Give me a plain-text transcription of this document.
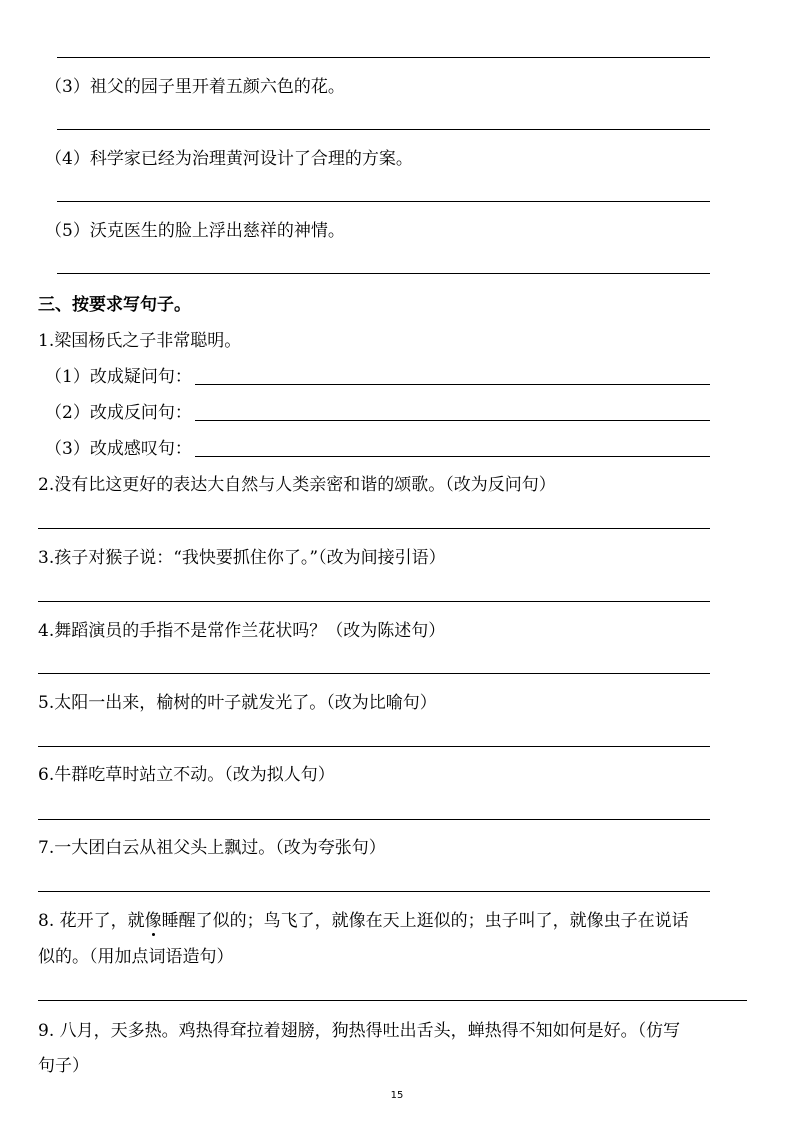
（3）祖父的园子里开着五颜六色的花。
（4）科学家已经为治理黄河设计了合理的方案。
（5）沃克医生的脸上浮出慈祥的神情。
三、按要求写句子。
1.梁国杨氏之子非常聪明。
（1）改成疑问句：
（2）改成反问句：
（3）改成感叹句：
2.没有比这更好的表达大自然与人类亲密和谐的颂歌。（改为反问句）
3.孩子对猴子说：“我快要抓住你了。”（改为间接引语）
4.舞蹈演员的手指不是常作兰花状吗？（改为陈述句）
5.太阳一出来，榆树的叶子就发光了。（改为比喻句）
6.牛群吃草时站立不动。（改为拟人句）
7.一大团白云从祖父头上飘过。（改为夸张句）
8. 花开了，就像睡醒了似的；鸟飞了，就像在天上逛似的；虫子叫了，就像虫子在说话
似的。（用加点词语造句）
9. 八月，天多热。鸡热得耷拉着翅膀，狗热得吐出舌头，蝉热得不知如何是好。（仿写
句子）
15
